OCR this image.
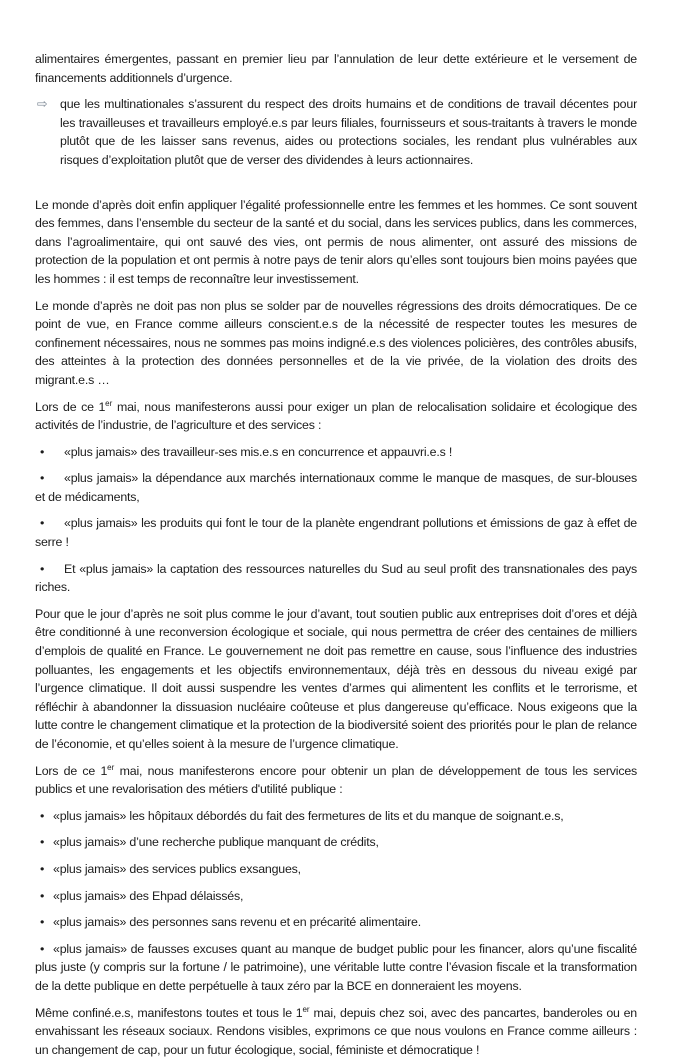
alimentaires émergentes, passant en premier lieu par l’annulation de leur dette extérieure et le versement de financements additionnels d’urgence.

⇨ que les multinationales s’assurent du respect des droits humains et de conditions de travail décentes pour les travailleuses et travailleurs employé.e.s par leurs filiales, fournisseurs et sous-traitants à travers le monde plutôt que de les laisser sans revenus, aides ou protections sociales, les rendant plus vulnérables aux risques d’exploitation plutôt que de verser des dividendes à leurs actionnaires.

Le monde d’après doit enfin appliquer l’égalité professionnelle entre les femmes et les hommes. Ce sont souvent des femmes, dans l’ensemble du secteur de la santé et du social, dans les services publics, dans les commerces, dans l’agroalimentaire, qui ont sauvé des vies, ont permis de nous alimenter, ont assuré des missions de protection de la population et ont permis à notre pays de tenir alors qu’elles sont toujours bien moins payées que les hommes : il est temps de reconnaître leur investissement.

Le monde d’après ne doit pas non plus se solder par de nouvelles régressions des droits démocratiques. De ce point de vue, en France comme ailleurs conscient.e.s de la nécessité de respecter toutes les mesures de confinement nécessaires, nous ne sommes pas moins indigné.e.s des violences policières, des contrôles abusifs, des atteintes à la protection des données personnelles et de la vie privée, de la violation des droits des migrant.e.s …

Lors de ce 1er mai, nous manifesterons aussi pour exiger un plan de relocalisation solidaire et écologique des activités de l’industrie, de l’agriculture et des services :

• «plus jamais» des travailleur-ses mis.e.s en concurrence et appauvri.e.s !

• «plus jamais» la dépendance aux marchés internationaux comme le manque de masques, de sur-blouses et de médicaments,

• «plus jamais» les produits qui font le tour de la planète engendrant pollutions et émissions de gaz à effet de serre !

• Et «plus jamais» la captation des ressources naturelles du Sud au seul profit des transnationales des pays riches.

Pour que le jour d’après ne soit plus comme le jour d’avant, tout soutien public aux entreprises doit d’ores et déjà être conditionné à une reconversion écologique et sociale, qui nous permettra de créer des centaines de milliers d’emplois de qualité en France. Le gouvernement ne doit pas remettre en cause, sous l’influence des industries polluantes, les engagements et les objectifs environnementaux, déjà très en dessous du niveau exigé par l’urgence climatique. Il doit aussi suspendre les ventes d’armes qui alimentent les conflits et le terrorisme, et réfléchir à abandonner la dissuasion nucléaire coûteuse et plus dangereuse qu’efficace. Nous exigeons que la lutte contre le changement climatique et la protection de la biodiversité soient des priorités pour le plan de relance de l’économie, et qu’elles soient à la mesure de l’urgence climatique.

Lors de ce 1er mai, nous manifesterons encore pour obtenir un plan de développement de tous les services publics et une revalorisation des métiers d'utilité publique :

• «plus jamais» les hôpitaux débordés du fait des fermetures de lits et du manque de soignant.e.s,

• «plus jamais» d’une recherche publique manquant de crédits,

• «plus jamais» des services publics exsangues,

• «plus jamais» des Ehpad délaissés,

• «plus jamais» des personnes sans revenu et en précarité alimentaire.

• «plus jamais» de fausses excuses quant au manque de budget public pour les financer, alors qu’une fiscalité plus juste (y compris sur la fortune / le patrimoine), une véritable lutte contre l’évasion fiscale et la transformation de la dette publique en dette perpétuelle à taux zéro par la BCE en donneraient les moyens.

Même confiné.e.s, manifestons toutes et tous le 1er mai, depuis chez soi, avec des pancartes, banderoles ou en envahissant les réseaux sociaux. Rendons visibles, exprimons ce que nous voulons en France comme ailleurs : un changement de cap, pour un futur écologique, social, féministe et démocratique !
